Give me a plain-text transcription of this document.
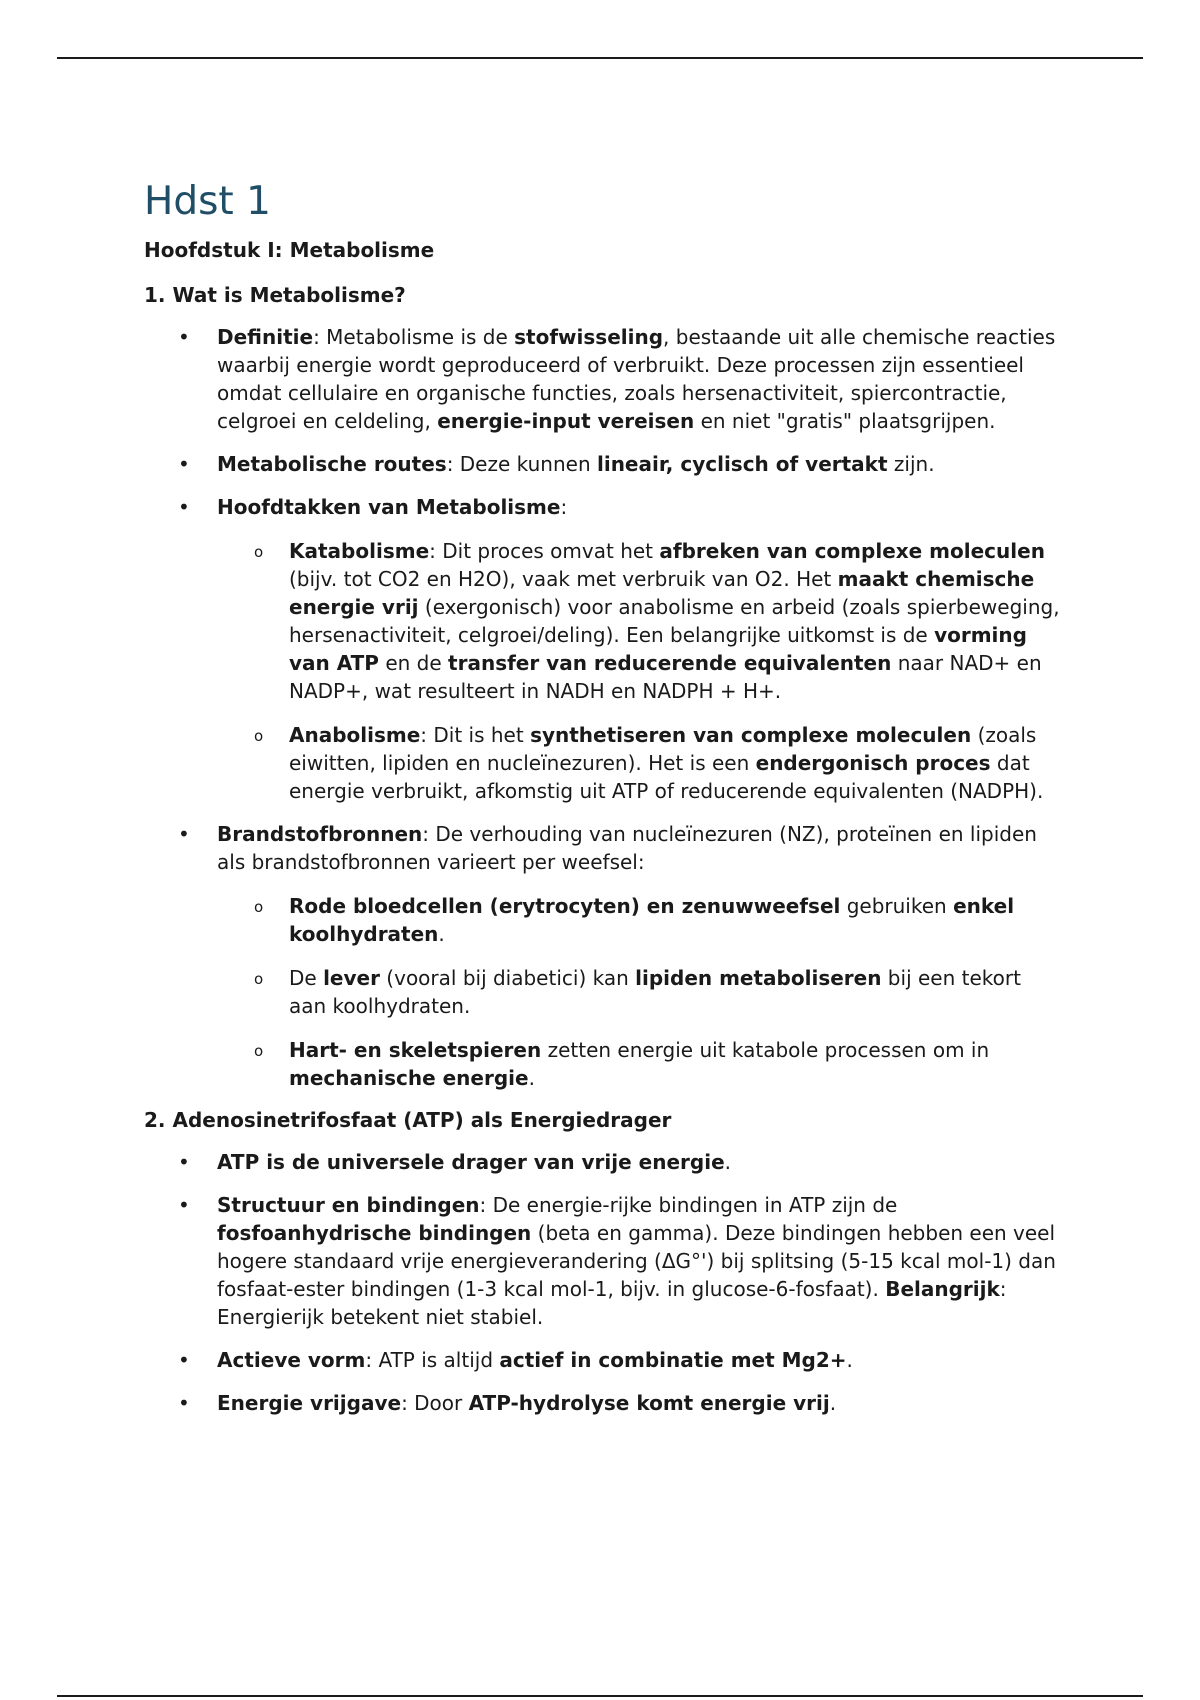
Hdst 1
Hoofdstuk I: Metabolisme
1. Wat is Metabolisme?
• Definitie: Metabolisme is de stofwisseling, bestaande uit alle chemische reacties waarbij energie wordt geproduceerd of verbruikt. Deze processen zijn essentieel omdat cellulaire en organische functies, zoals hersenactiviteit, spiercontractie, celgroei en celdeling, energie-input vereisen en niet "gratis" plaatsgrijpen.
• Metabolische routes: Deze kunnen lineair, cyclisch of vertakt zijn.
• Hoofdtakken van Metabolisme:
o Katabolisme: Dit proces omvat het afbreken van complexe moleculen (bijv. tot CO2 en H2O), vaak met verbruik van O2. Het maakt chemische energie vrij (exergonisch) voor anabolisme en arbeid (zoals spierbeweging, hersenactiviteit, celgroei/deling). Een belangrijke uitkomst is de vorming van ATP en de transfer van reducerende equivalenten naar NAD+ en NADP+, wat resulteert in NADH en NADPH + H+.
o Anabolisme: Dit is het synthetiseren van complexe moleculen (zoals eiwitten, lipiden en nucleïnezuren). Het is een endergonisch proces dat energie verbruikt, afkomstig uit ATP of reducerende equivalenten (NADPH).
• Brandstofbronnen: De verhouding van nucleïnezuren (NZ), proteïnen en lipiden als brandstofbronnen varieert per weefsel:
o Rode bloedcellen (erytrocyten) en zenuwweefsel gebruiken enkel koolhydraten.
o De lever (vooral bij diabetici) kan lipiden metaboliseren bij een tekort aan koolhydraten.
o Hart- en skeletspieren zetten energie uit katabole processen om in mechanische energie.
2. Adenosinetrifosfaat (ATP) als Energiedrager
• ATP is de universele drager van vrije energie.
• Structuur en bindingen: De energie-rijke bindingen in ATP zijn de fosfoanhydrische bindingen (beta en gamma). Deze bindingen hebben een veel hogere standaard vrije energieverandering (ΔG°') bij splitsing (5-15 kcal mol-1) dan fosfaat-ester bindingen (1-3 kcal mol-1, bijv. in glucose-6-fosfaat). Belangrijk: Energierijk betekent niet stabiel.
• Actieve vorm: ATP is altijd actief in combinatie met Mg2+.
• Energie vrijgave: Door ATP-hydrolyse komt energie vrij.
